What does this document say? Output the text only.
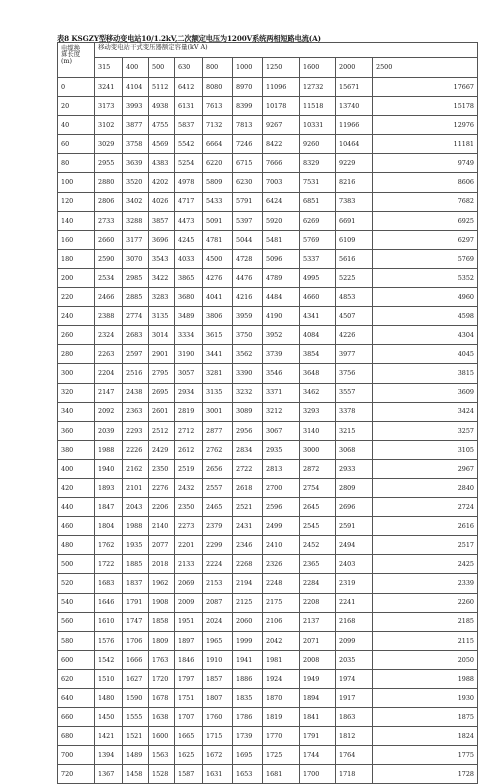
表8 KSGZY型移动变电站10/1.2kV,二次额定电压为1200V系统两相短路电流(A)
电缆换
算长度
(m)	移动变电站干式变压器额定容量(kV A)									
	315	400	500	630	800	1000	1250	1600	2000	2500
0	3241	4104	5112	6412	8080	8970	11096	12732	15671	17667
20	3173	3993	4938	6131	7613	8399	10178	11518	13740	15178
40	3102	3877	4755	5837	7132	7813	9267	10331	11966	12976
60	3029	3758	4569	5542	6664	7246	8422	9260	10464	11181
80	2955	3639	4383	5254	6220	6715	7666	8329	9229	9749
100	2880	3520	4202	4978	5809	6230	7003	7531	8216	8606
120	2806	3402	4026	4717	5433	5791	6424	6851	7383	7682
140	2733	3288	3857	4473	5091	5397	5920	6269	6691	6925
160	2660	3177	3696	4245	4781	5044	5481	5769	6109	6297
180	2590	3070	3543	4033	4500	4728	5096	5337	5616	5769
200	2534	2985	3422	3865	4276	4476	4789	4995	5225	5352
220	2466	2885	3283	3680	4041	4216	4484	4660	4853	4960
240	2388	2774	3135	3489	3806	3959	4190	4341	4507	4598
260	2324	2683	3014	3334	3615	3750	3952	4084	4226	4304
280	2263	2597	2901	3190	3441	3562	3739	3854	3977	4045
300	2204	2516	2795	3057	3281	3390	3546	3648	3756	3815
320	2147	2438	2695	2934	3135	3232	3371	3462	3557	3609
340	2092	2363	2601	2819	3001	3089	3212	3293	3378	3424
360	2039	2293	2512	2712	2877	2956	3067	3140	3215	3257
380	1988	2226	2429	2612	2762	2834	2935	3000	3068	3105
400	1940	2162	2350	2519	2656	2722	2813	2872	2933	2967
420	1893	2101	2276	2432	2557	2618	2700	2754	2809	2840
440	1847	2043	2206	2350	2465	2521	2596	2645	2696	2724
460	1804	1988	2140	2273	2379	2431	2499	2545	2591	2616
480	1762	1935	2077	2201	2299	2346	2410	2452	2494	2517
500	1722	1885	2018	2133	2224	2268	2326	2365	2403	2425
520	1683	1837	1962	2069	2153	2194	2248	2284	2319	2339
540	1646	1791	1908	2009	2087	2125	2175	2208	2241	2260
560	1610	1747	1858	1951	2024	2060	2106	2137	2168	2185
580	1576	1706	1809	1897	1965	1999	2042	2071	2099	2115
600	1542	1666	1763	1846	1910	1941	1981	2008	2035	2050
620	1510	1627	1720	1797	1857	1886	1924	1949	1974	1988
640	1480	1590	1678	1751	1807	1835	1870	1894	1917	1930
660	1450	1555	1638	1707	1760	1786	1819	1841	1863	1875
680	1421	1521	1600	1665	1715	1739	1770	1791	1812	1824
700	1394	1489	1563	1625	1672	1695	1725	1744	1764	1775
720	1367	1458	1528	1587	1631	1653	1681	1700	1718	1728
